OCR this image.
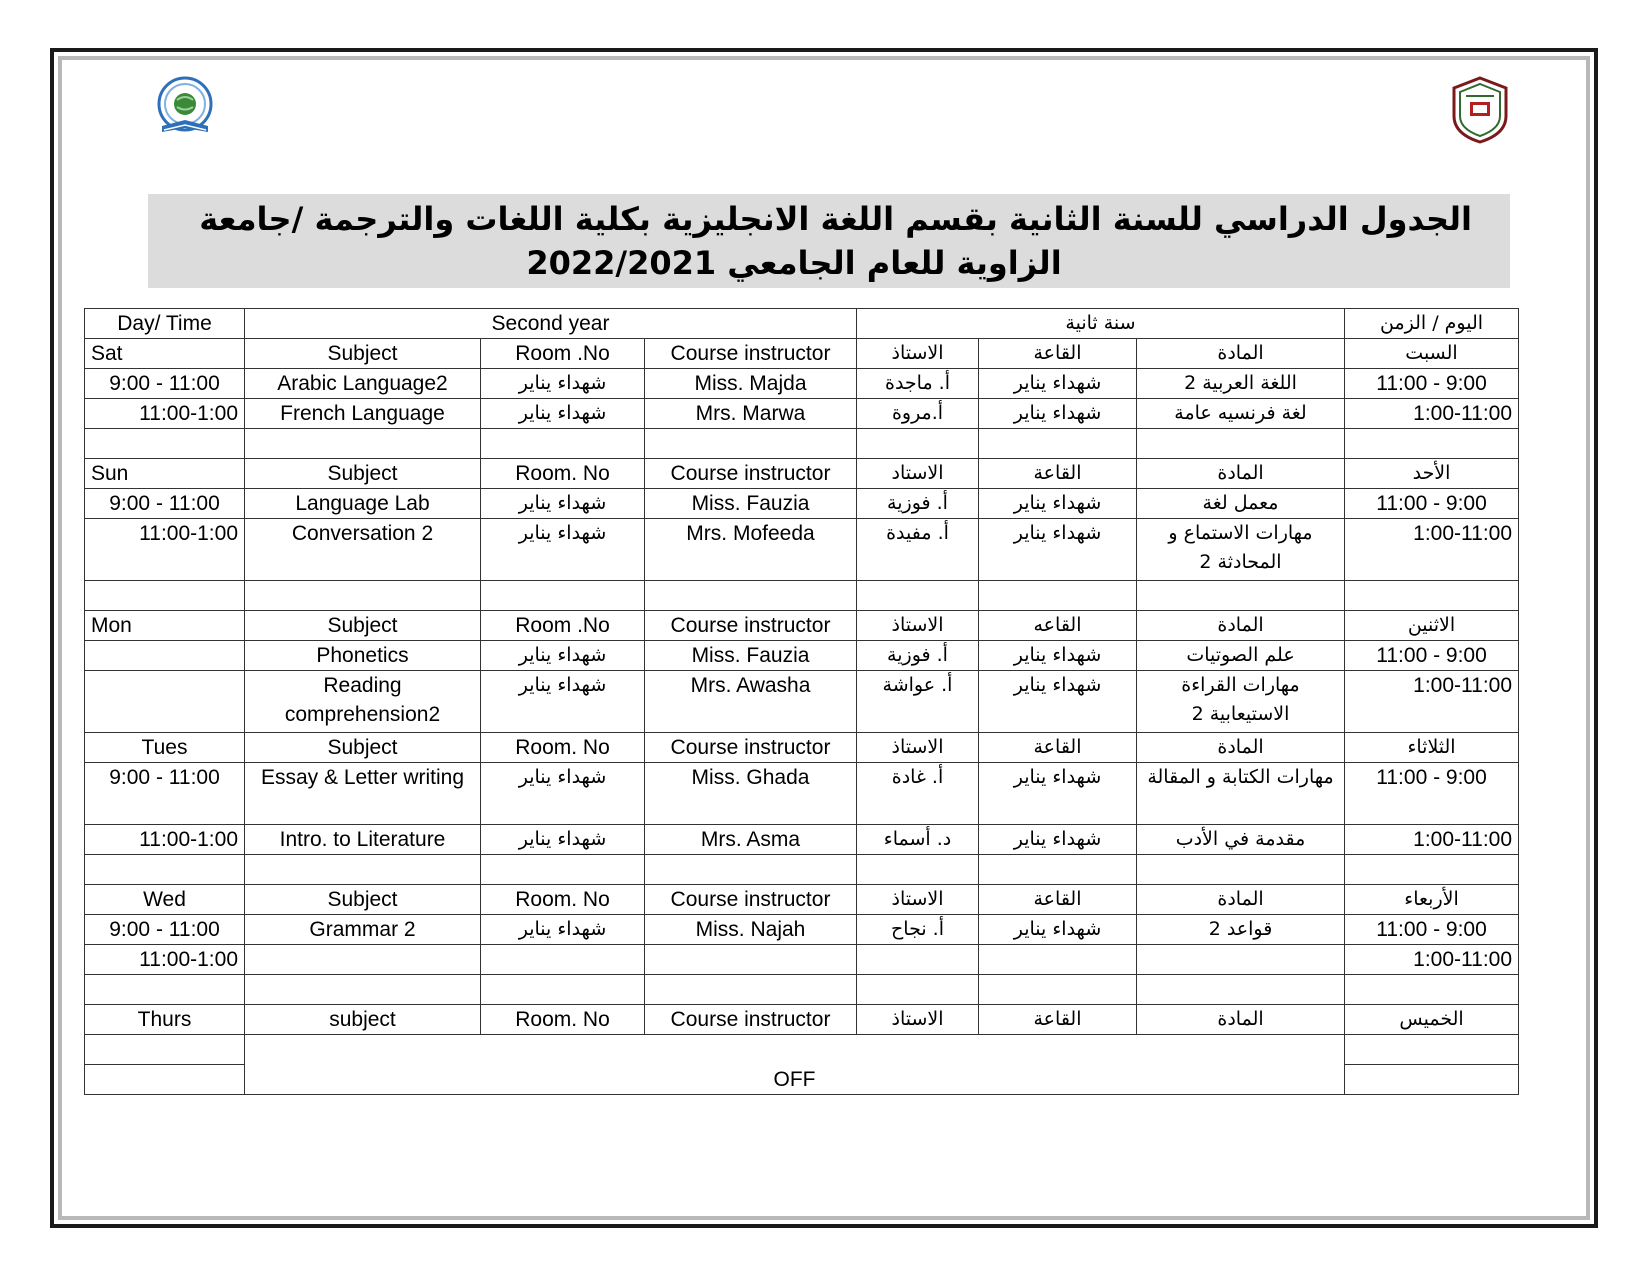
الجدول الدراسي للسنة الثانية بقسم اللغة الانجليزية بكلية اللغات والترجمة /جامعة
الزاوية للعام الجامعي 2022/2021
Day/ Time	Second year			سنة ثانية			اليوم / الزمن
Sat	Subject	Room .No	Course instructor	الاستاذ	القاعة	المادة	السبت
9:00 - 11:00	Arabic Language2	شهداء يناير	Miss. Majda	أ. ماجدة	شهداء يناير	اللغة العربية 2	11:00 - 9:00
11:00-1:00	French Language	شهداء يناير	Mrs. Marwa	أ.مروة	شهداء يناير	لغة فرنسيه عامة	1:00-11:00

Sun	Subject	Room. No	Course instructor	الاستاد	القاعة	المادة	الأحد
9:00 - 11:00	Language Lab	شهداء يناير	Miss. Fauzia	أ. فوزية	شهداء يناير	معمل لغة	11:00 - 9:00
11:00-1:00	Conversation 2	شهداء يناير	Mrs. Mofeeda	أ. مفيدة	شهداء يناير	مهارات الاستماع و المحادثة 2	1:00-11:00

Mon	Subject	Room .No	Course instructor	الاستاذ	القاعه	المادة	الاثنين
	Phonetics	شهداء يناير	Miss. Fauzia	أ. فوزية	شهداء يناير	علم الصوتيات	11:00 - 9:00
	Reading comprehension2	شهداء يناير	Mrs. Awasha	أ. عواشة	شهداء يناير	مهارات القراءة الاستيعابية 2	1:00-11:00
Tues	Subject	Room. No	Course instructor	الاستاذ	القاعة	المادة	الثلاثاء
9:00 - 11:00	Essay & Letter writing	شهداء يناير	Miss. Ghada	أ. غادة	شهداء يناير	مهارات الكتابة و المقالة	11:00 - 9:00
11:00-1:00	Intro. to Literature	شهداء يناير	Mrs. Asma	د. أسماء	شهداء يناير	مقدمة في الأدب	1:00-11:00

Wed	Subject	Room. No	Course instructor	الاستاذ	القاعة	المادة	الأربعاء
9:00 - 11:00	Grammar 2	شهداء يناير	Miss. Najah	أ. نجاح	شهداء يناير	قواعد 2	11:00 - 9:00
11:00-1:00							1:00-11:00

Thurs	subject	Room. No	Course instructor	الاستاذ	القاعة	المادة	الخميس
	OFF						
